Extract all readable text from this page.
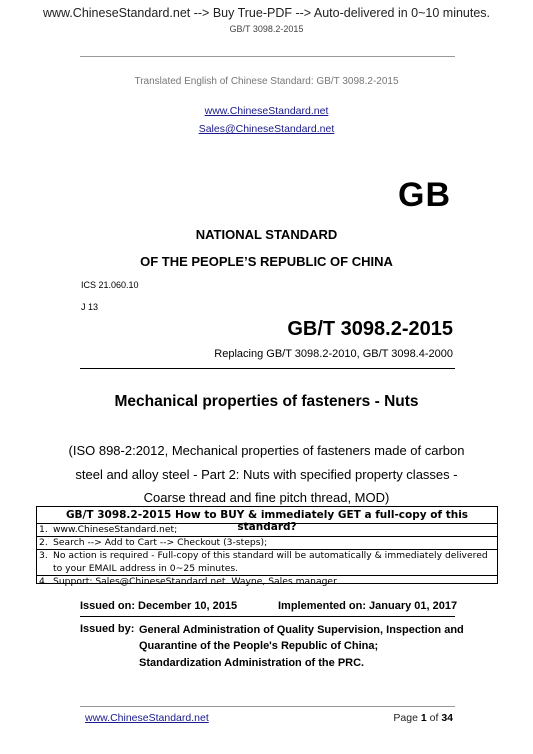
www.ChineseStandard.net --> Buy True-PDF --> Auto-delivered in 0~10 minutes.
GB/T 3098.2-2015
Translated English of Chinese Standard: GB/T 3098.2-2015
www.ChineseStandard.net
Sales@ChineseStandard.net
GB
NATIONAL STANDARD
OF THE PEOPLE’S REPUBLIC OF CHINA
ICS 21.060.10
J 13
GB/T 3098.2-2015
Replacing GB/T 3098.2-2010, GB/T 3098.4-2000
Mechanical properties of fasteners - Nuts
(ISO 898-2:2012, Mechanical properties of fasteners made of carbon
steel and alloy steel - Part 2: Nuts with specified property classes -
Coarse thread and fine pitch thread, MOD)
GB/T 3098.2-2015 How to BUY & immediately GET a full-copy of this standard?
1. www.ChineseStandard.net;
2. Search --> Add to Cart --> Checkout (3-steps);
3. No action is required - Full-copy of this standard will be automatically & immediately delivered to your EMAIL address in 0~25 minutes.
4. Support: Sales@ChineseStandard.net. Wayne, Sales manager
Issued on: December 10, 2015	Implemented on: January 01, 2017
Issued by: General Administration of Quality Supervision, Inspection and Quarantine of the People's Republic of China;
Standardization Administration of the PRC.
www.ChineseStandard.net	Page 1 of 34
